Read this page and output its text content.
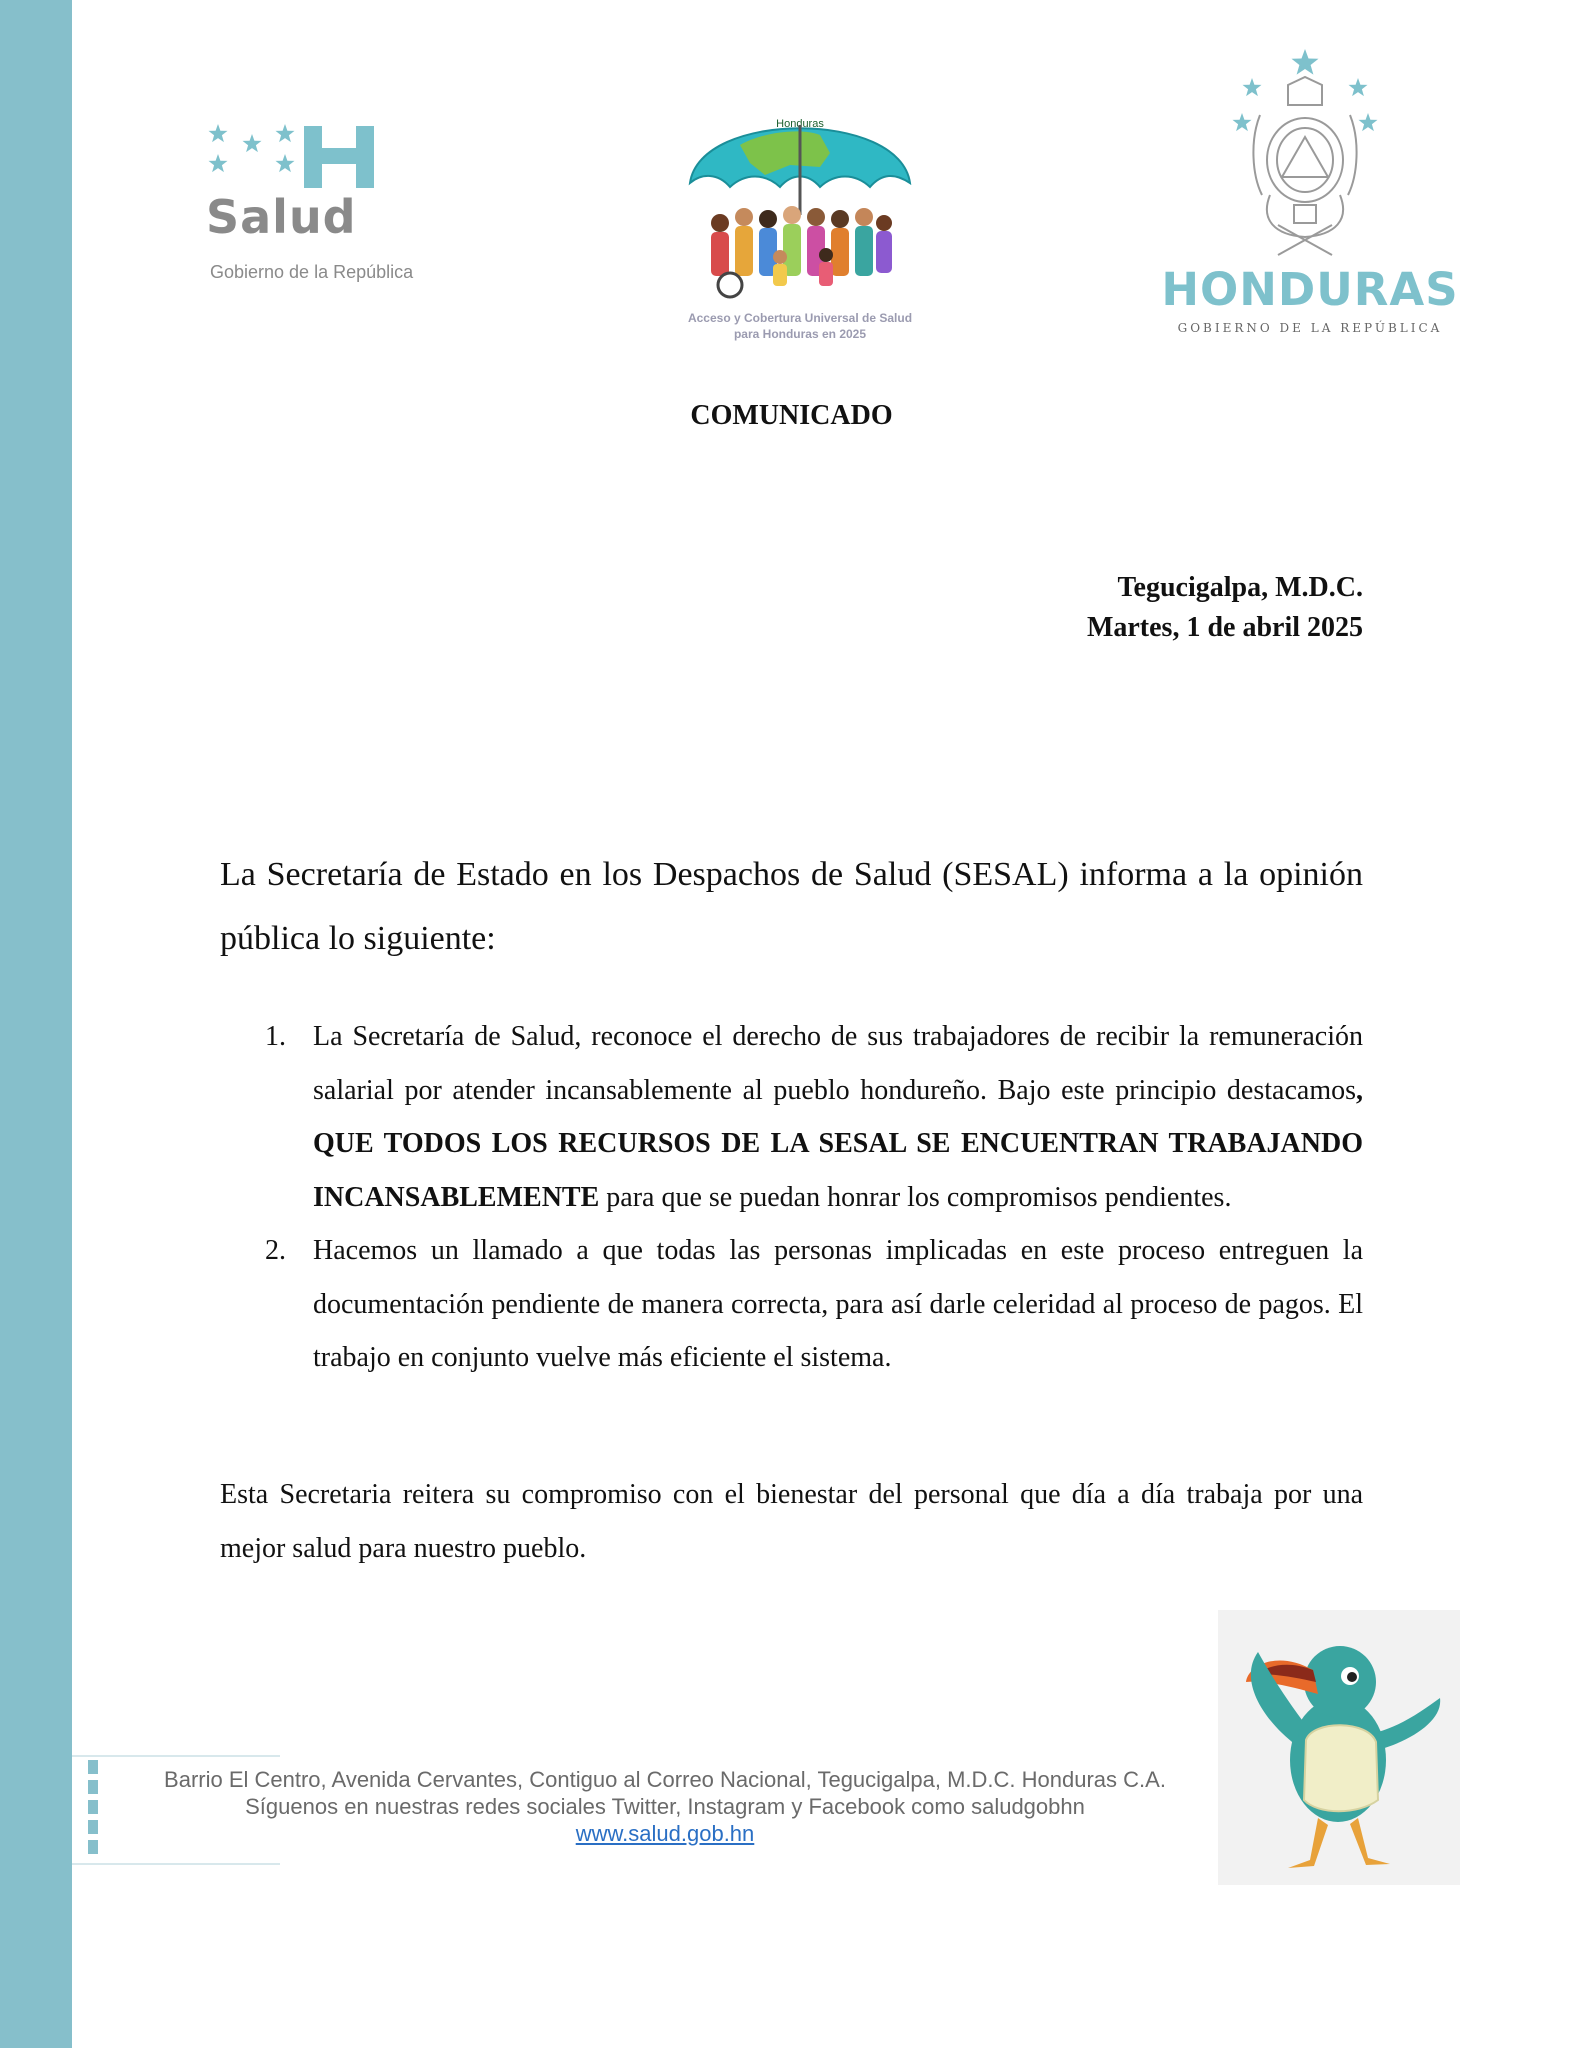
Salud
Gobierno de la República
Honduras
Acceso y Cobertura Universal de Salud
para Honduras en 2025
HONDURAS
GOBIERNO DE LA REPÚBLICA
COMUNICADO
Tegucigalpa, M.D.C.
Martes, 1 de abril 2025
La Secretaría de Estado en los Despachos de Salud (SESAL) informa a la opinión pública lo siguiente:
1. La Secretaría de Salud, reconoce el derecho de sus trabajadores de recibir la remuneración salarial por atender incansablemente al pueblo hondureño. Bajo este principio destacamos, QUE TODOS LOS RECURSOS DE LA SESAL SE ENCUENTRAN TRABAJANDO INCANSABLEMENTE para que se puedan honrar los compromisos pendientes.
2. Hacemos un llamado a que todas las personas implicadas en este proceso entreguen la documentación pendiente de manera correcta, para así darle celeridad al proceso de pagos. El trabajo en conjunto vuelve más eficiente el sistema.
Esta Secretaria reitera su compromiso con el bienestar del personal que día a día trabaja por una mejor salud para nuestro pueblo.
Barrio El Centro, Avenida Cervantes, Contiguo al Correo Nacional, Tegucigalpa, M.D.C. Honduras C.A.
Síguenos en nuestras redes sociales Twitter, Instagram y Facebook como saludgobhn
www.salud.gob.hn
